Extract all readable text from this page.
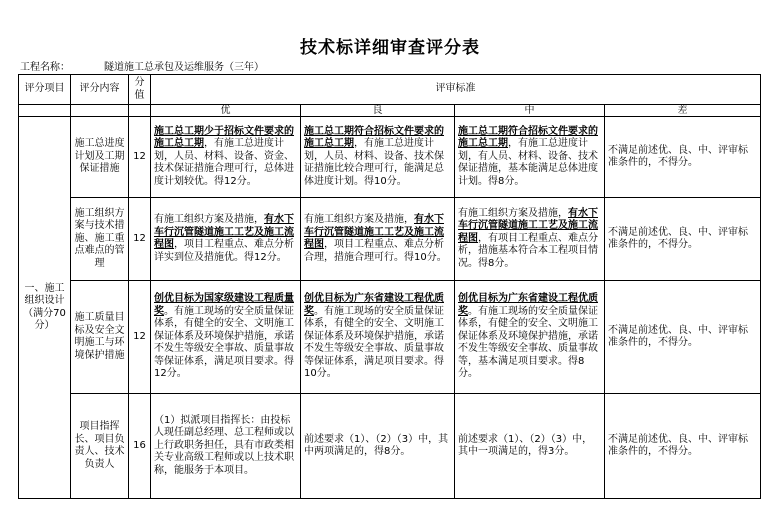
技术标详细审查评分表
工程名称：	隧道施工总承包及运维服务（三年）
评分项目	评分内容	分值	评审标准			
			优	良	中	差
一、施工组织设计（满分70分）	施工总进度计划及工期保证措施	12	施工总工期少于招标文件要求的施工总工期，有施工总进度计划，人员、材料、设备、资金、技术保证措施合理可行，总体进度计划较优。得12分。	施工总工期符合招标文件要求的施工总工期，有施工总进度计划，人员、材料、设备、技术保证措施比较合理可行，能满足总体进度计划。得10分。	施工总工期符合招标文件要求的施工总工期，有施工总进度计划，有人员、材料、设备、技术保证措施，基本能满足总体进度计划。得8分。	不满足前述优、良、中、评审标准条件的，不得分。
	施工组织方案与技术措施、施工重点难点的管理	12	有施工组织方案及措施，有水下车行沉管隧道施工工艺及施工流程图，项目工程重点、难点分析详实到位及措施优。得12分。	有施工组织方案及措施，有水下车行沉管隧道施工工艺及施工流程图，项目工程重点、难点分析合理，措施合理可行。得10分。	有施工组织方案及措施，有水下车行沉管隧道施工工艺及施工流程图，有项目工程重点、难点分析，措施基本符合本工程项目情况。得8分。	不满足前述优、良、中、评审标准条件的，不得分。
	施工质量目标及安全文明施工与环境保护措施	12	创优目标为国家级建设工程质量奖。有施工现场的安全质量保证体系，有健全的安全、文明施工保证体系及环境保护措施，承诺不发生等级安全事故、质量事故等保证体系，满足项目要求。得12分。	创优目标为广东省建设工程优质奖。有施工现场的安全质量保证体系，有健全的安全、文明施工保证体系及环境保护措施，承诺不发生等级安全事故、质量事故等保证体系，满足项目要求。得10分。	创优目标为广东省建设工程优质奖。有施工现场的安全质量保证体系，有健全的安全、文明施工保证体系及环境保护措施，承诺不发生等级安全事故、质量事故等，基本满足项目要求。得8分。	不满足前述优、良、中、评审标准条件的，不得分。
	项目指挥长、项目负责人、技术负责人	16	（1）拟派项目指挥长：由投标人现任副总经理、总工程师或以上行政职务担任，具有市政类相关专业高级工程师或以上技术职称，能服务于本项目。	前述要求（1）、（2）（3）中，其中两项满足的，得8分。	前述要求（1）、（2）（3）中，其中一项满足的，得3分。	不满足前述优、良、中、评审标准条件的，不得分。
